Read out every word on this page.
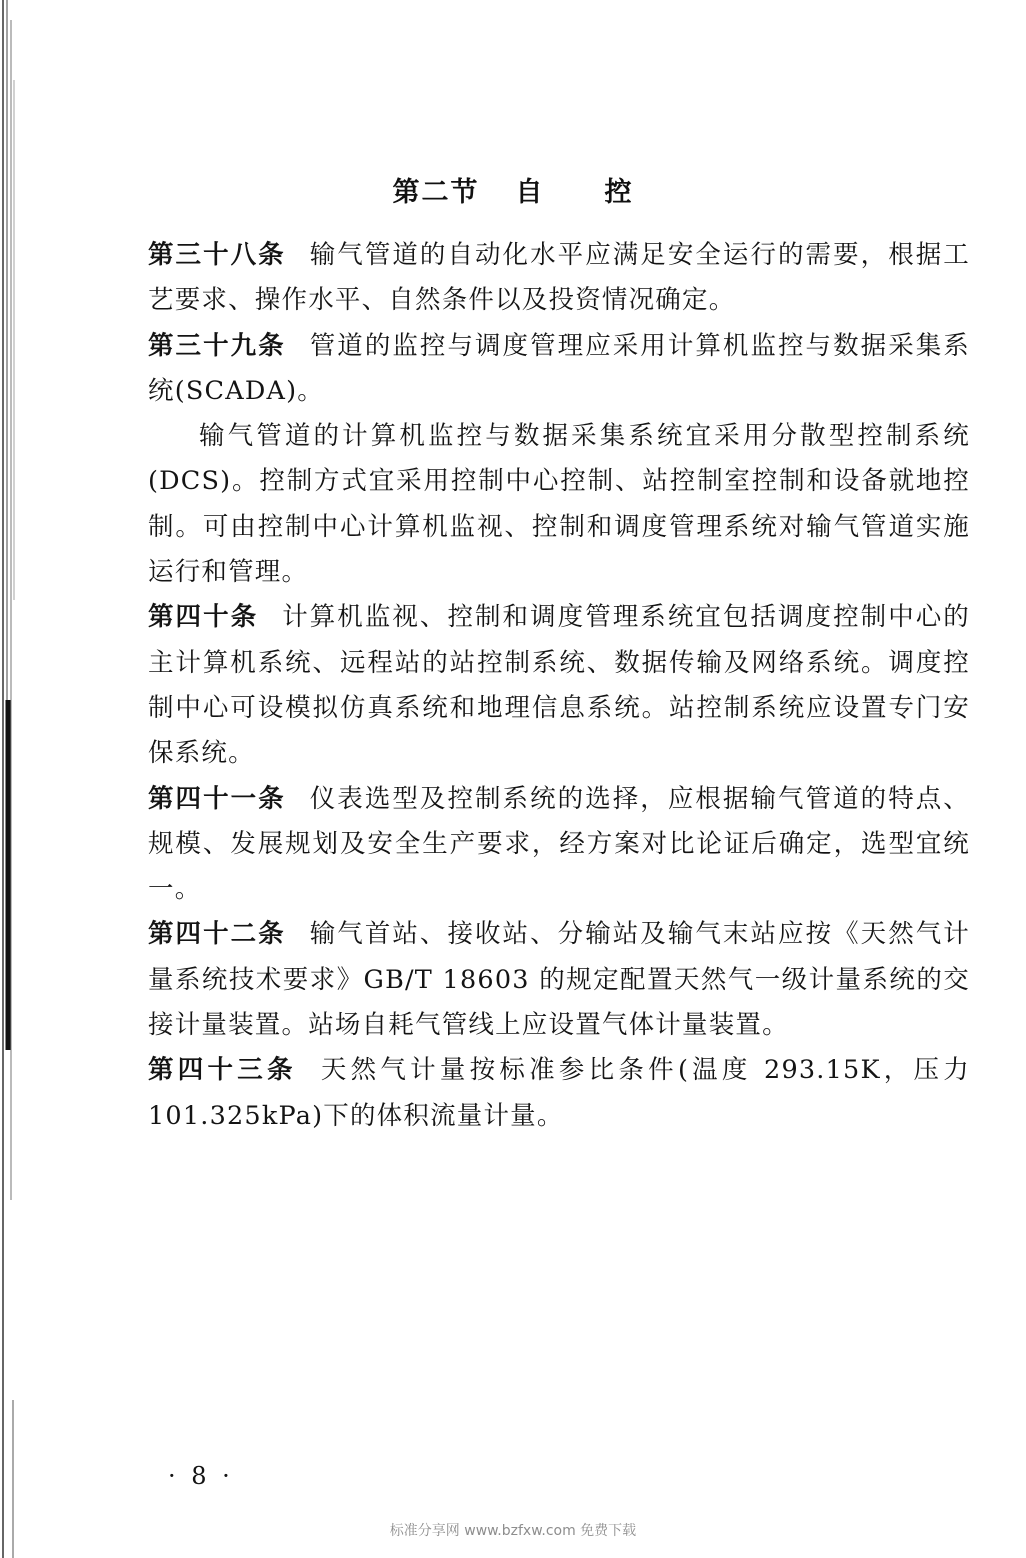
第二节 自 控

第三十八条 输气管道的自动化水平应满足安全运行的需要，根据工艺要求、操作水平、自然条件以及投资情况确定。

第三十九条 管道的监控与调度管理应采用计算机监控与数据采集系统(SCADA)。

输气管道的计算机监控与数据采集系统宜采用分散型控制系统(DCS)。控制方式宜采用控制中心控制、站控制室控制和设备就地控制。可由控制中心计算机监视、控制和调度管理系统对输气管道实施运行和管理。

第四十条 计算机监视、控制和调度管理系统宜包括调度控制中心的主计算机系统、远程站的站控制系统、数据传输及网络系统。调度控制中心可设模拟仿真系统和地理信息系统。站控制系统应设置专门安保系统。

第四十一条 仪表选型及控制系统的选择，应根据输气管道的特点、规模、发展规划及安全生产要求，经方案对比论证后确定，选型宜统一。

第四十二条 输气首站、接收站、分输站及输气末站应按《天然气计量系统技术要求》GB/T 18603 的规定配置天然气一级计量系统的交接计量装置。站场自耗气管线上应设置气体计量装置。

第四十三条 天然气计量按标准参比条件(温度 293.15K，压力 101.325kPa)下的体积流量计量。

· 8 ·
标准分享网 www.bzfxw.com 免费下载
